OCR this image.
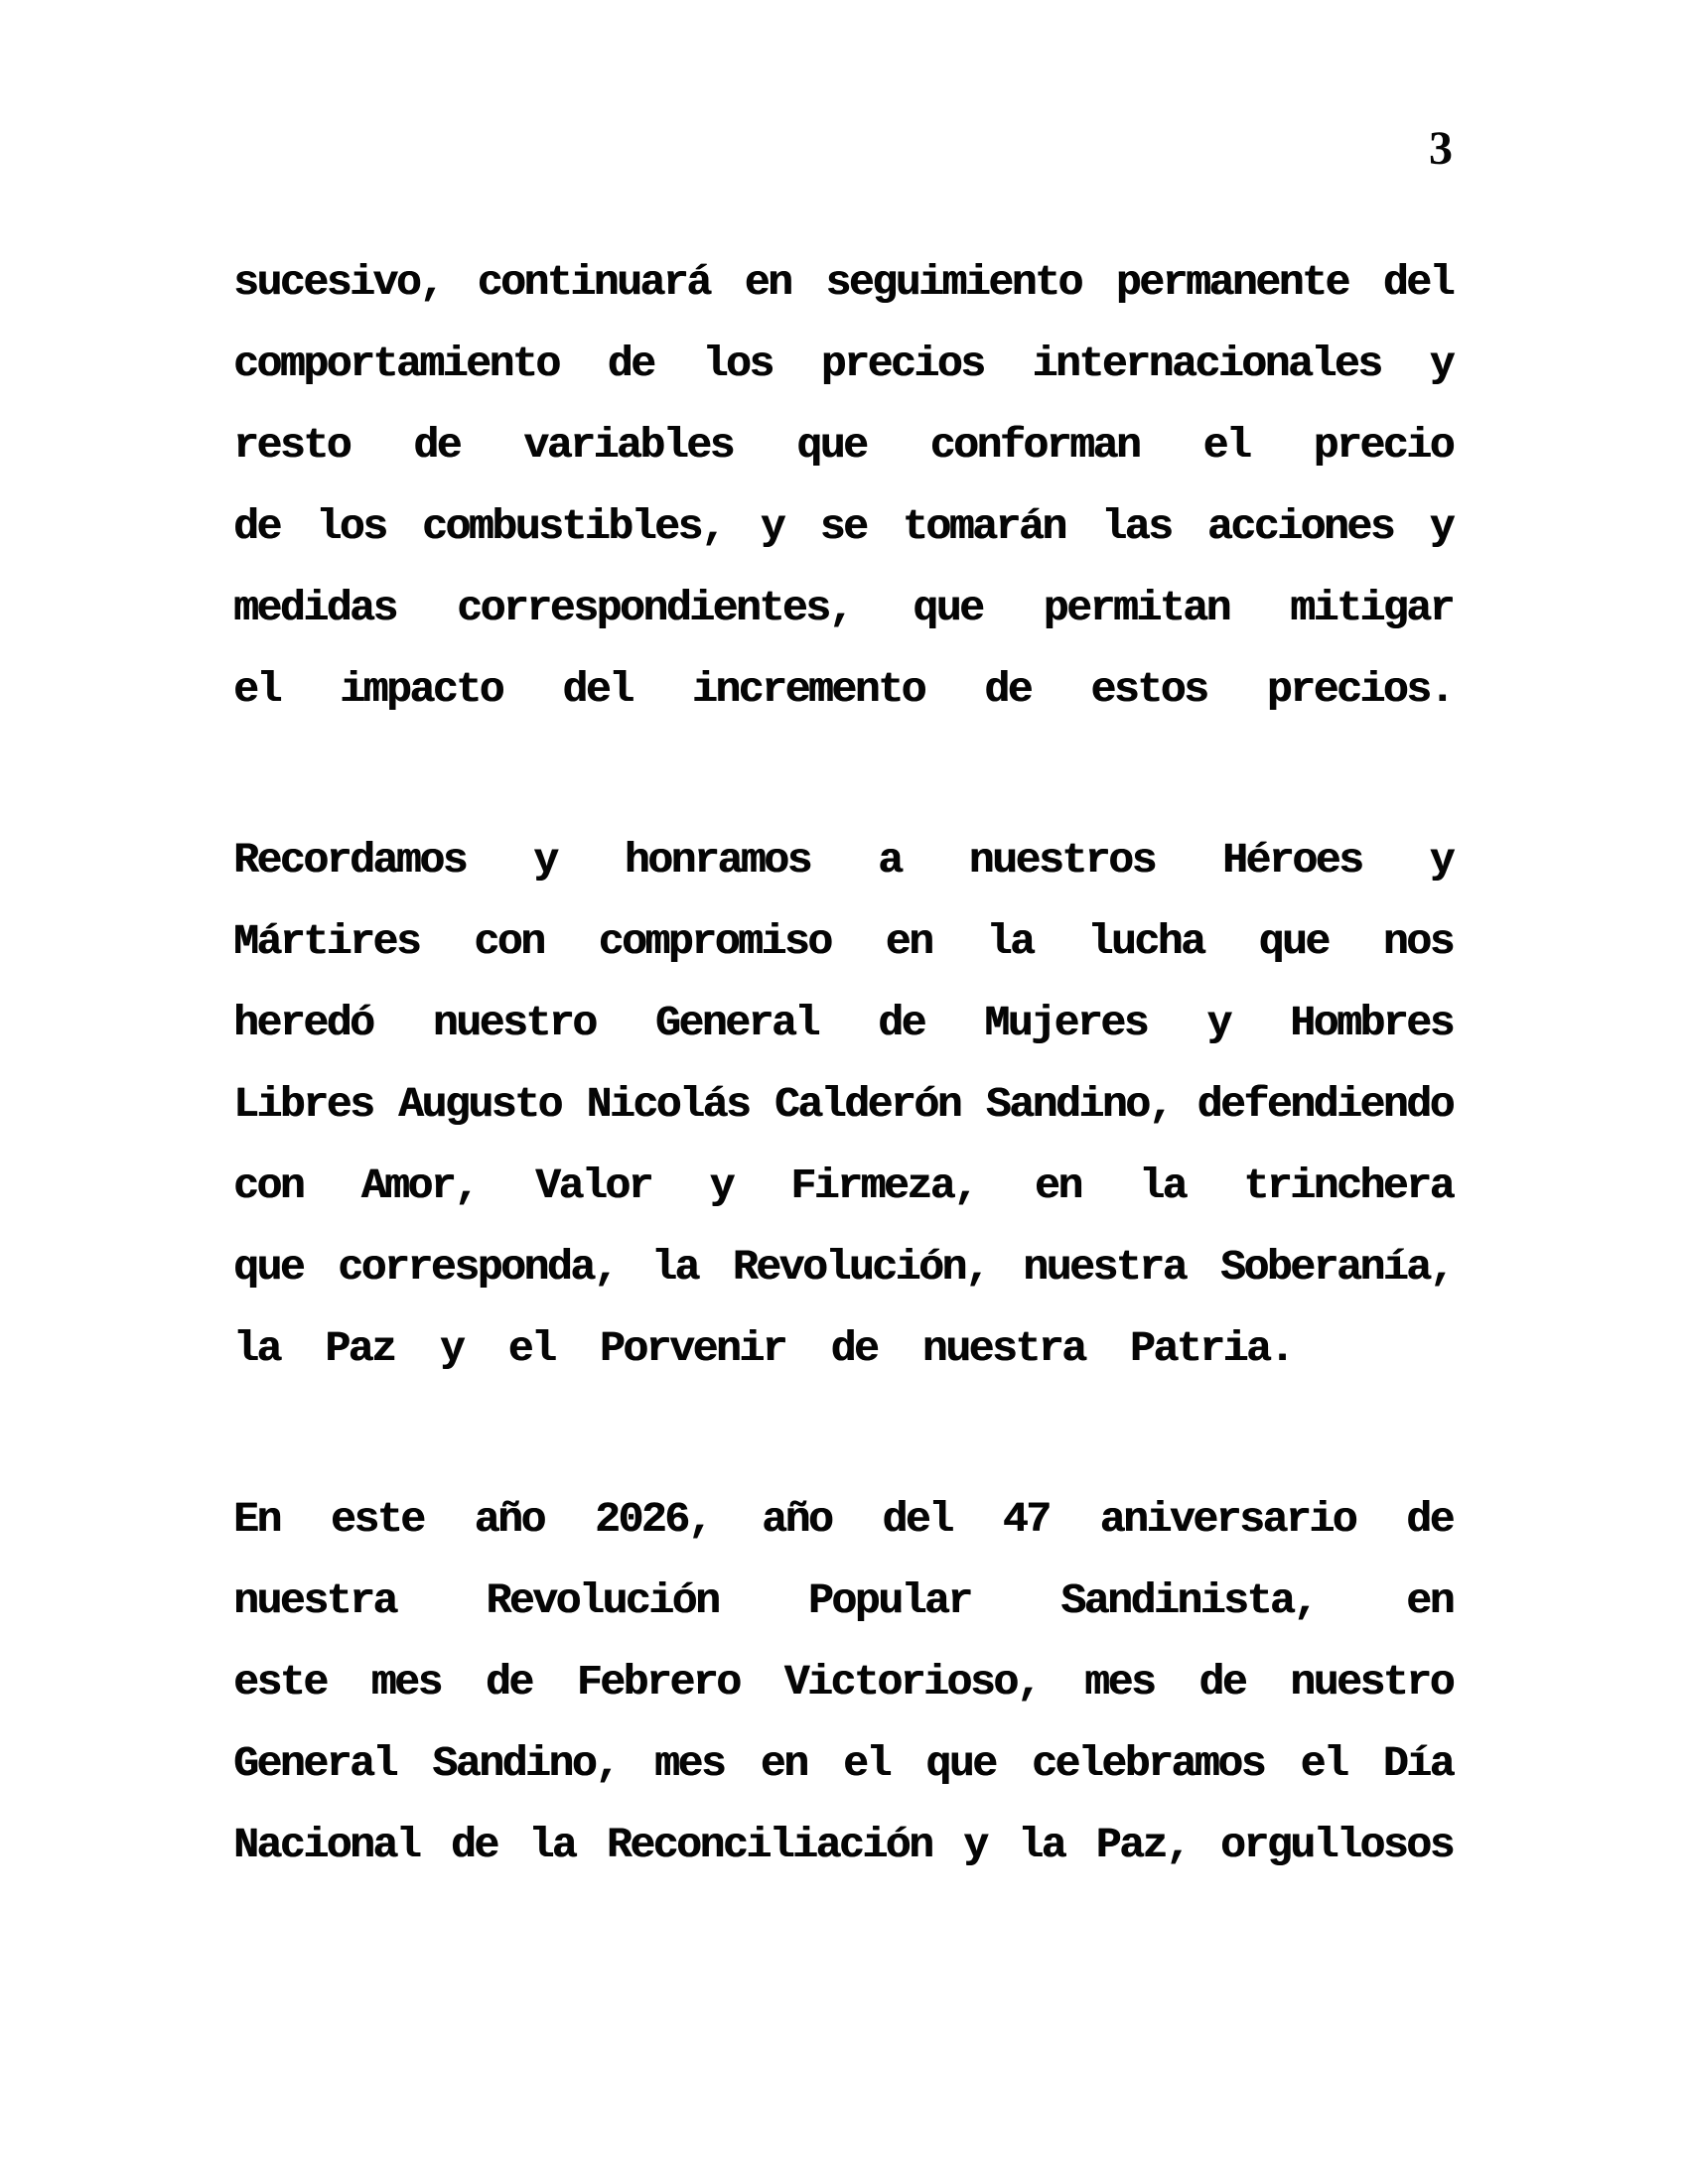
3
sucesivo, continuará en seguimiento permanente del
comportamiento de los precios internacionales y
resto de variables que conforman el precio
de los combustibles, y se tomarán las acciones y
medidas correspondientes, que permitan mitigar
el impacto del incremento de estos precios.
Recordamos y honramos a nuestros Héroes y
Mártires con compromiso en la lucha que nos
heredó nuestro General de Mujeres y Hombres
Libres Augusto Nicolás Calderón Sandino, defendiendo
con Amor, Valor y Firmeza, en la trinchera
que corresponda, la Revolución, nuestra Soberanía,
la Paz y el Porvenir de nuestra Patria.
En este año 2026, año del 47 aniversario de
nuestra Revolución Popular Sandinista, en
este mes de Febrero Victorioso, mes de nuestro
General Sandino, mes en el que celebramos el Día
Nacional de la Reconciliación y la Paz, orgullosos
